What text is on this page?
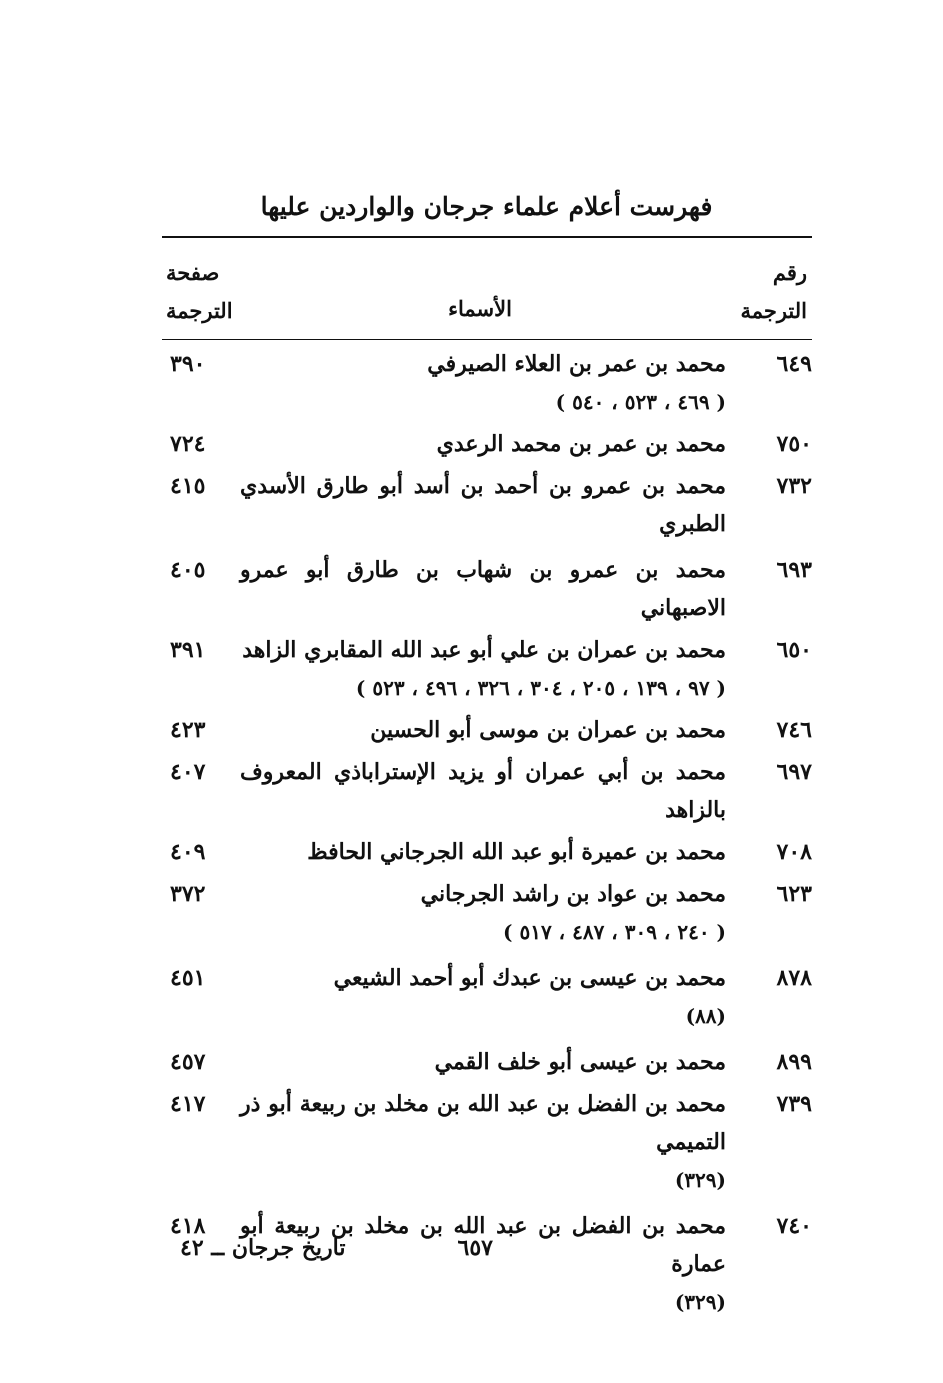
فهرست أعلام علماء جرجان والواردين عليها
رقم
الترجمة
الأسماء
صفحة
الترجمة
٦٤٩
محمد بن عمر بن العلاء الصيرفي
( ٤٦٩ ، ٥٢٣ ، ٥٤٠ )
٣٩٠
٧٥٠
محمد بن عمر بن محمد الرعدي
٧٢٤
٧٣٢
محمد بن عمرو بن أحمد بن أسد أبو طارق الأسدي الطبري
٤١٥
٦٩٣
محمد بن عمرو بن شهاب بن طارق أبو عمرو الاصبهاني
٤٠٥
٦٥٠
محمد بن عمران بن علي أبو عبد الله المقابري الزاهد
( ٩٧ ، ١٣٩ ، ٢٠٥ ، ٣٠٤ ، ٣٢٦ ، ٤٩٦ ، ٥٢٣ )
٣٩١
٧٤٦
محمد بن عمران بن موسى أبو الحسين
٤٢٣
٦٩٧
محمد بن أبي عمران أو يزيد الإستراباذي المعروف بالزاهد
٤٠٧
٧٠٨
محمد بن عميرة أبو عبد الله الجرجاني الحافظ
٤٠٩
٦٢٣
محمد بن عواد بن راشد الجرجاني
( ٢٤٠ ، ٣٠٩ ، ٤٨٧ ، ٥١٧ )
٣٧٢
٨٧٨
محمد بن عيسى بن عبدك أبو أحمد الشيعي
(٨٨)
٤٥١
٨٩٩
محمد بن عيسى أبو خلف القمي
٤٥٧
٧٣٩
محمد بن الفضل بن عبد الله بن مخلد بن ربيعة أبو ذر التميمي
(٣٢٩)
٤١٧
٧٤٠
محمد بن الفضل بن عبد الله بن مخلد بن ربيعة أبو عمارة
(٣٢٩)
٤١٨
٦٥٧
تاريخ جرجان ــ ٤٢
